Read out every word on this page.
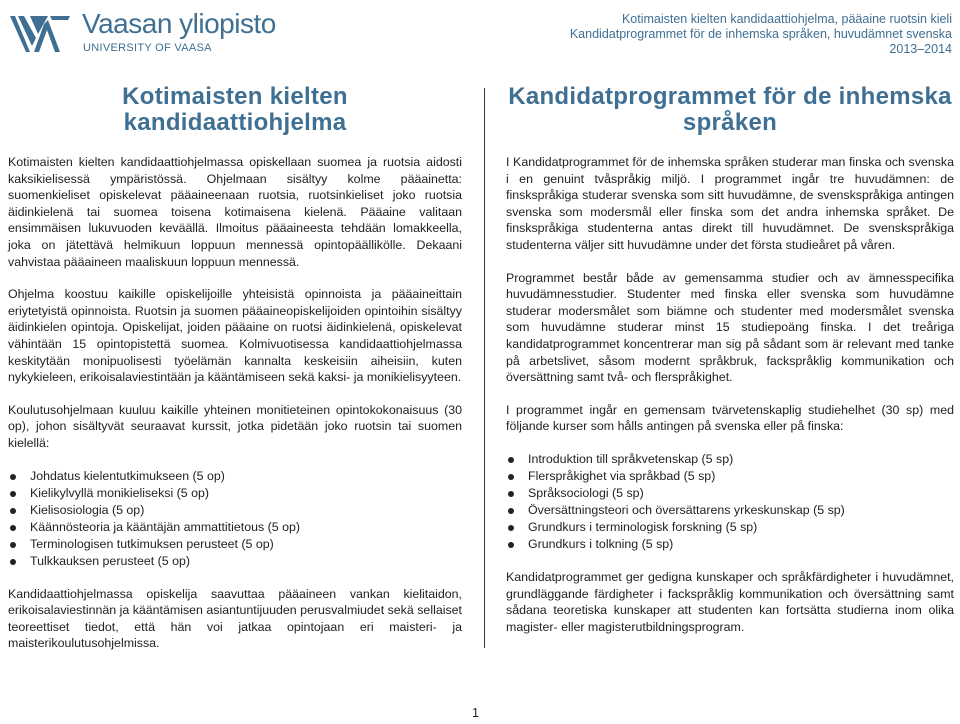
Vaasan yliopisto
UNIVERSITY OF VAASA
Kotimaisten kielten kandidaattiohjelma, pääaine ruotsin kieli
Kandidatprogrammet för de inhemska språken, huvudämnet svenska
2013–2014
Kotimaisten kielten kandidaattiohjelma

Kotimaisten kielten kandidaattiohjelmassa opiskellaan suomea ja ruotsia aidosti kaksikielisessä ympäristössä. Ohjelmaan sisältyy kolme pääainetta: suomenkieliset opiskelevat pääaineenaan ruotsia, ruotsinkieliset joko ruotsia äidinkielenä tai suomea toisena kotimaisena kielenä. Pääaine valitaan ensimmäisen lukuvuoden keväällä. Ilmoitus pääaineesta tehdään lomakkeella, joka on jätettävä helmikuun loppuun mennessä opintopäällikölle. Dekaani vahvistaa pääaineen maaliskuun loppuun mennessä.

Ohjelma koostuu kaikille opiskelijoille yhteisistä opinnoista ja pääaineittain eriytetyistä opinnoista. Ruotsin ja suomen pääaineopiskelijoiden opintoihin sisältyy äidinkielen opintoja. Opiskelijat, joiden pääaine on ruotsi äidinkielenä, opiskelevat vähintään 15 opintopistettä suomea. Kolmivuotisessa kandidaattiohjelmassa keskitytään monipuolisesti työelämän kannalta keskeisiin aiheisiin, kuten nykykieleen, erikoisalaviestintään ja kääntämiseen sekä kaksi- ja monikielisyyteen.

Koulutusohjelmaan kuuluu kaikille yhteinen monitieteinen opintokokonaisuus (30 op), johon sisältyvät seuraavat kurssit, jotka pidetään joko ruotsin tai suomen kielellä:

Johdatus kielentutkimukseen (5 op)
Kielikylvyllä monikieliseksi (5 op)
Kielisosiologia (5 op)
Käännösteoria ja kääntäjän ammattitietous (5 op)
Terminologisen tutkimuksen perusteet (5 op)
Tulkkauksen perusteet (5 op)

Kandidaattiohjelmassa opiskelija saavuttaa pääaineen vankan kielitaidon, erikoisalaviestinnän ja kääntämisen asiantuntijuuden perusvalmiudet sekä sellaiset teoreettiset tiedot, että hän voi jatkaa opintojaan eri maisteri- ja maisterikoulutusohjelmissa.

Kandidatprogrammet för de inhemska språken

I Kandidatprogrammet för de inhemska språken studerar man finska och svenska i en genuint tvåspråkig miljö. I programmet ingår tre huvudämnen: de finskspråkiga studerar svenska som sitt huvudämne, de svenskspråkiga antingen svenska som modersmål eller finska som det andra inhemska språket. De finskspråkiga studenterna antas direkt till huvudämnet. De svenskspråkiga studenterna väljer sitt huvudämne under det första studieåret på våren.

Programmet består både av gemensamma studier och av ämnesspecifika huvudämnesstudier. Studenter med finska eller svenska som huvudämne studerar modersmålet som biämne och studenter med modersmålet svenska som huvudämne studerar minst 15 studiepoäng finska. I det treåriga kandidatprogrammet koncentrerar man sig på sådant som är relevant med tanke på arbetslivet, såsom modernt språkbruk, fackspråklig kommunikation och översättning samt två- och flerspråkighet.

I programmet ingår en gemensam tvärvetenskaplig studiehelhet (30 sp) med följande kurser som hålls antingen på svenska eller på finska:

Introduktion till språkvetenskap (5 sp)
Flerspråkighet via språkbad (5 sp)
Språksociologi (5 sp)
Översättningsteori och översättarens yrkeskunskap (5 sp)
Grundkurs i terminologisk forskning (5 sp)
Grundkurs i tolkning (5 sp)

Kandidatprogrammet ger gedigna kunskaper och språkfärdigheter i huvudämnet, grundläggande färdigheter i fackspråklig kommunikation och översättning samt sådana teoretiska kunskaper att studenten kan fortsätta studierna inom olika magister- eller magisterutbildningsprogram.

1
